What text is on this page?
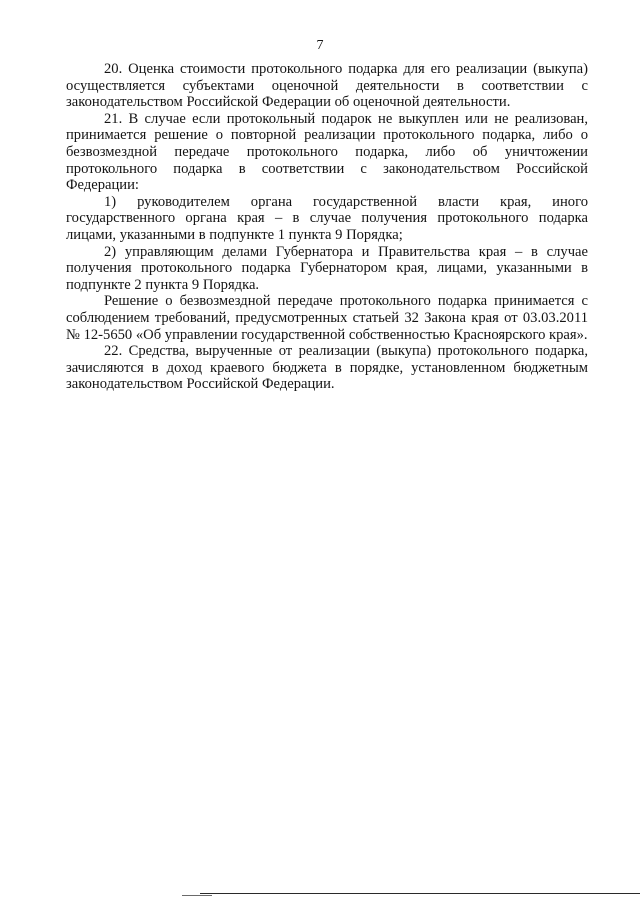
7

20. Оценка стоимости протокольного подарка для его реализации (выкупа) осуществляется субъектами оценочной деятельности в соответствии с законодательством Российской Федерации об оценочной деятельности.

21. В случае если протокольный подарок не выкуплен или не реализован, принимается решение о повторной реализации протокольного подарка, либо о безвозмездной передаче протокольного подарка, либо об уничтожении протокольного подарка в соответствии с законодательством Российской Федерации:

1) руководителем органа государственной власти края, иного государственного органа края – в случае получения протокольного подарка лицами, указанными в подпункте 1 пункта 9 Порядка;

2) управляющим делами Губернатора и Правительства края – в случае получения протокольного подарка Губернатором края, лицами, указанными в подпункте 2 пункта 9 Порядка.

Решение о безвозмездной передаче протокольного подарка принимается с соблюдением требований, предусмотренных статьей 32 Закона края от 03.03.2011 № 12-5650 «Об управлении государственной собственностью Красноярского края».

22. Средства, вырученные от реализации (выкупа) протокольного подарка, зачисляются в доход краевого бюджета в порядке, установленном бюджетным законодательством Российской Федерации.
